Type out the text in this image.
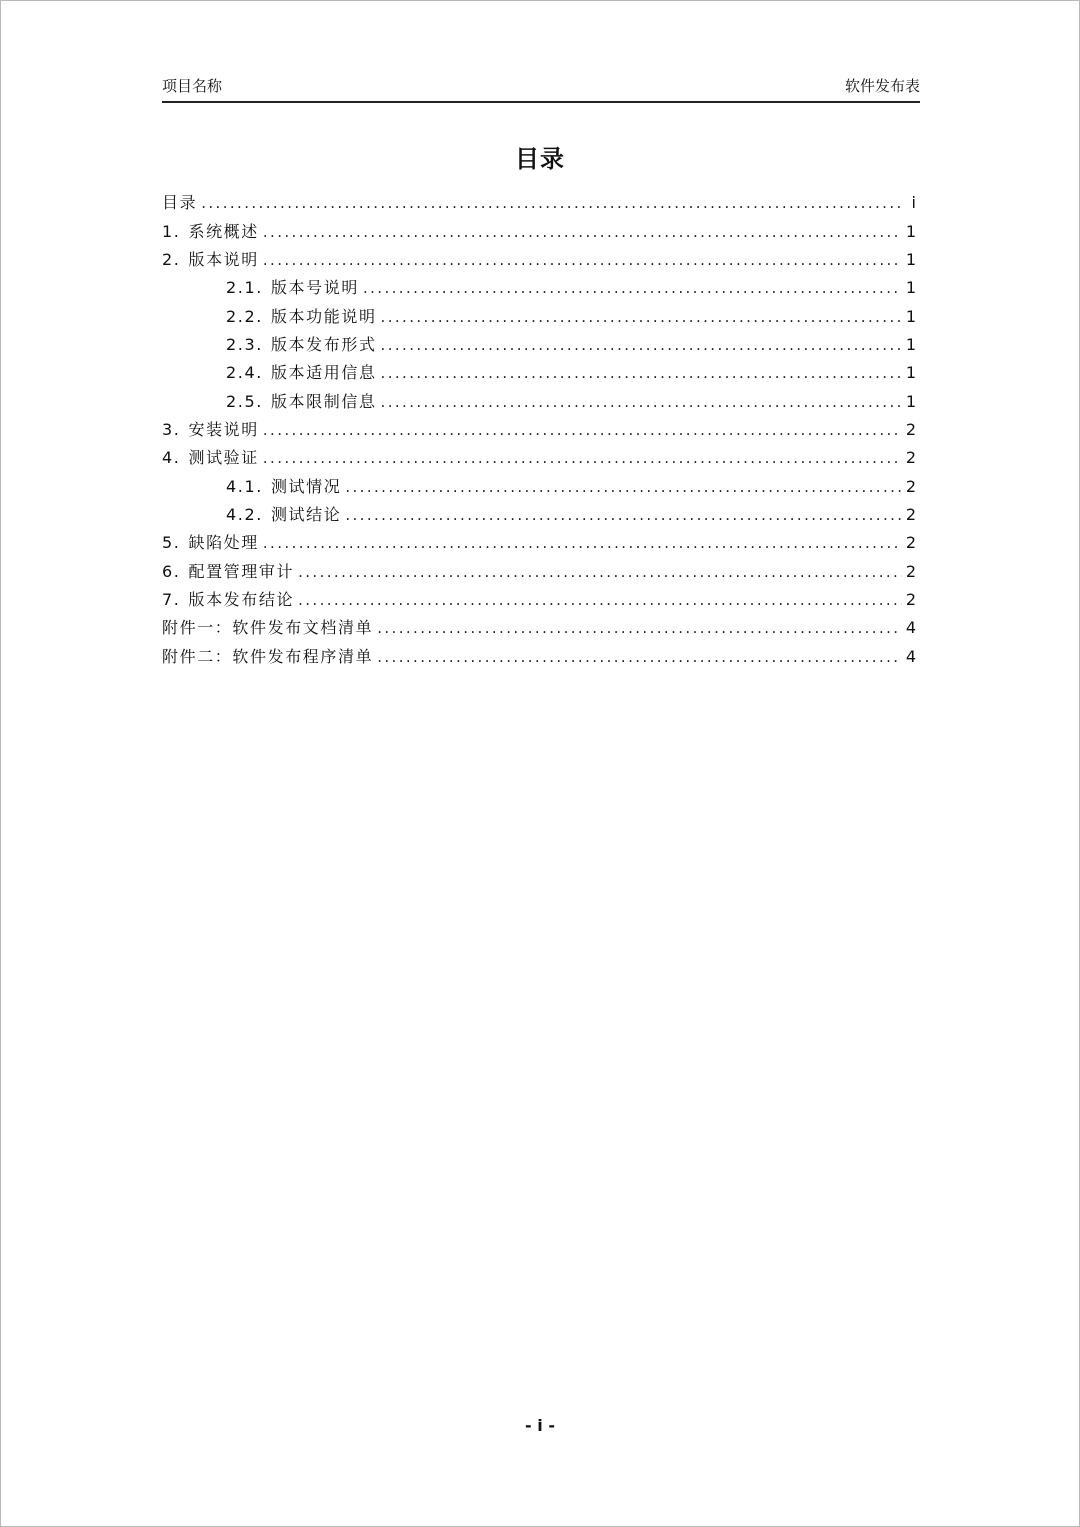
项目名称	软件发布表
目录
目录 .....	i
1. 系统概述 .....	1
2. 版本说明 .....	1
2.1. 版本号说明 .....	1
2.2. 版本功能说明 .....	1
2.3. 版本发布形式 .....	1
2.4. 版本适用信息 .....	1
2.5. 版本限制信息 .....	1
3. 安装说明 .....	2
4. 测试验证 .....	2
4.1. 测试情况 .....	2
4.2. 测试结论 .....	2
5. 缺陷处理 .....	2
6. 配置管理审计 .....	2
7. 版本发布结论 .....	2
附件一：软件发布文档清单 .....	4
附件二：软件发布程序清单 .....	4
- i -
